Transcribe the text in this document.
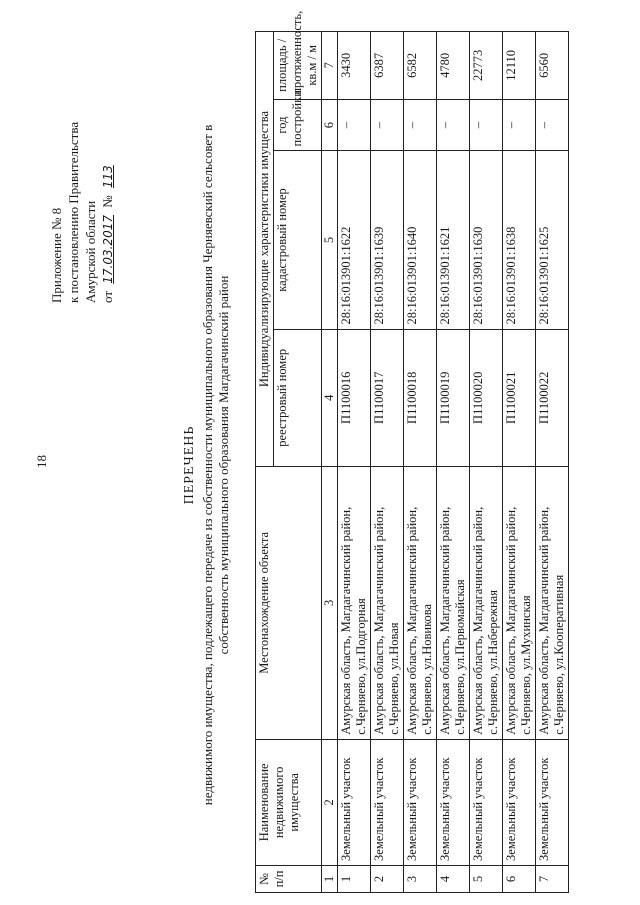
18
Приложение № 8 к постановлению Правительства Амурской области от 17.03.2017 № 113
ПЕРЕЧЕНЬ недвижимого имущества, подлежащего передаче из собственности муниципального образования Черняевский сельсовет в собственность муниципального образования Магдагачинский район
№ п/п	Наименование недвижимого имущества	Местонахождение объекта	Индивидуализирующие характеристики имущества			
			реестровый номер	кадастровый номер	год постройки	площадь / протяженность, кв.м / м
1	2	3	4	5	6	7
1	Земельный участок	Амурская область, Магдагачинский район, с.Черняево, ул.Подгорная	П1100016	28:16:013901:1622	–	3430
2	Земельный участок	Амурская область, Магдагачинский район, с.Черняево, ул.Новая	П1100017	28:16:013901:1639	–	6387
3	Земельный участок	Амурская область, Магдагачинский район, с.Черняево, ул.Новикова	П1100018	28:16:013901:1640	–	6582
4	Земельный участок	Амурская область, Магдагачинский район, с.Черняево, ул.Первомайская	П1100019	28:16:013901:1621	–	4780
5	Земельный участок	Амурская область, Магдагачинский район, с.Черняево, ул.Набережная	П1100020	28:16:013901:1630	–	22773
6	Земельный участок	Амурская область, Магдагачинский район, с.Черняево, ул.Мухинская	П1100021	28:16:013901:1638	–	12110
7	Земельный участок	Амурская область, Магдагачинский район, с.Черняево, ул.Кооперативная	П1100022	28:16:013901:1625	–	6560
